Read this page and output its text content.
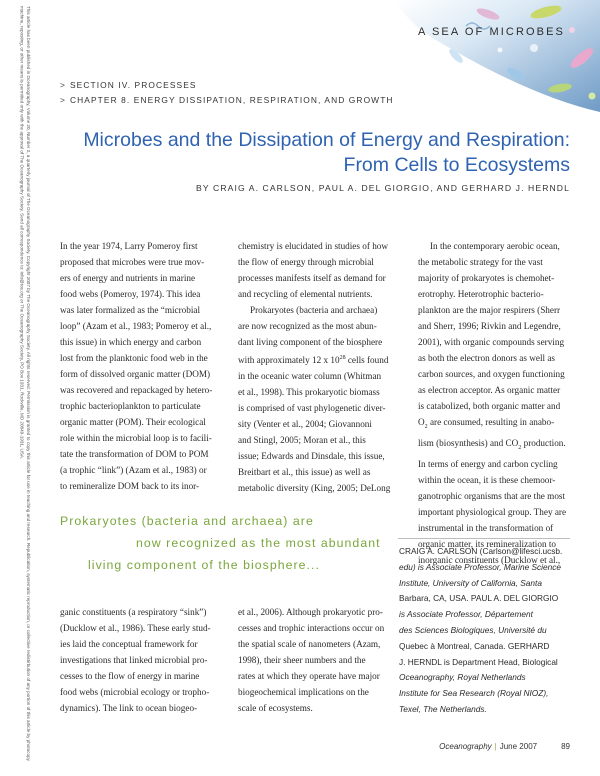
This article has been published in Oceanography, Volume 20, Number 2, a quarterly journal of The Oceanography Society. Copyright 2007 by The Oceanography Society. All rights reserved. Permission is granted to copy this article for use in teaching and research. Republication, systematic reproduction, or collective redistirbution of any portion of this article by photocopy machine, reposting, or other means is permitted only with the approval of The Oceanography Society. Send all correspondence to: info@tos.org or The Oceanography Society, PO Box 1931, Rockville, MD 20849-1931, USA.	A SEA OF MICROBES
> SECTION IV. PROCESSES
> CHAPTER 8. ENERGY DISSIPATION, RESPIRATION, AND GROWTH
Microbes and the Dissipation of Energy and Respiration:
From Cells to Ecosystems
BY CRAIG A. CARLSON, PAUL A. DEL GIORGIO, AND GERHARD J. HERNDL
In the year 1974, Larry Pomeroy first
proposed that microbes were true mov-
ers of energy and nutrients in marine
food webs (Pomeroy, 1974). This idea
was later formalized as the “microbial
loop” (Azam et al., 1983; Pomeroy et al.,
this issue) in which energy and carbon
lost from the planktonic food web in the
form of dissolved organic matter (DOM)
was recovered and repackaged by hetero-
trophic bacterioplankton to particulate
organic matter (POM). Their ecological
role within the microbial loop is to facili-
tate the transformation of DOM to POM
(a trophic “link”) (Azam et al., 1983) or
to remineralize DOM back to its inor-
chemistry is elucidated in studies of how
the flow of energy through microbial
processes manifests itself as demand for
and recycling of elemental nutrients.
Prokaryotes (bacteria and archaea)
are now recognized as the most abun-
dant living component of the biosphere
with approximately 12 x $10^{28}$ cells found
in the oceanic water column (Whitman
et al., 1998). This prokaryotic biomass
is comprised of vast phylogenetic diver-
sity (Venter et al., 2004; Giovannoni
and Stingl, 2005; Moran et al., this
issue; Edwards and Dinsdale, this issue,
Breitbart et al., this issue) as well as
metabolic diversity (King, 2005; DeLong
In the contemporary aerobic ocean,
the metabolic strategy for the vast
majority of prokaryotes is chemohet-
erotrophy. Heterotrophic bacterio-
plankton are the major respirers (Sherr
and Sherr, 1996; Rivkin and Legendre,
2001), with organic compounds serving
as both the electron donors as well as
carbon sources, and oxygen functioning
as electron acceptor. As organic matter
is catabolized, both organic matter and
$O_2$ are consumed, resulting in anabo-
lism (biosynthesis) and $CO_2$ production.
In terms of energy and carbon cycling
within the ocean, it is these chemoor-
ganotrophic organisms that are the most
important physiological group. They are
instrumental in the transformation of
organic matter, its remineralization to
inorganic constituents (Ducklow et al.,
Prokaryotes (bacteria and archaea) are
now recognized as the most abundant
living component of the biosphere...
ganic constituents (a respiratory “sink”)
(Ducklow et al., 1986). These early stud-
ies laid the conceptual framework for
investigations that linked microbial pro-
cesses to the flow of energy in marine
food webs (microbial ecology or tropho-
dynamics). The link to ocean biogeo-
et al., 2006). Although prokaryotic pro-
cesses and trophic interactions occur on
the spatial scale of nanometers (Azam,
1998), their sheer numbers and the
rates at which they operate have major
biogeochemical implications on the
scale of ecosystems.
CRAIG A. CARLSON (Carlson@lifesci.ucsb.
edu) is Associate Professor, Marine Science
Institute, University of California, Santa
Barbara, CA, USA. PAUL A. DEL GIORGIO
is Associate Professor, Département
des Sciences Biologiques, Université du
Quebec à Montreal, Canada. GERHARD
J. HERNDL is Department Head, Biological
Oceanography, Royal Netherlands
Institute for Sea Research (Royal NIOZ),
Texel, The Netherlands.
Oceanography | June 2007	89
